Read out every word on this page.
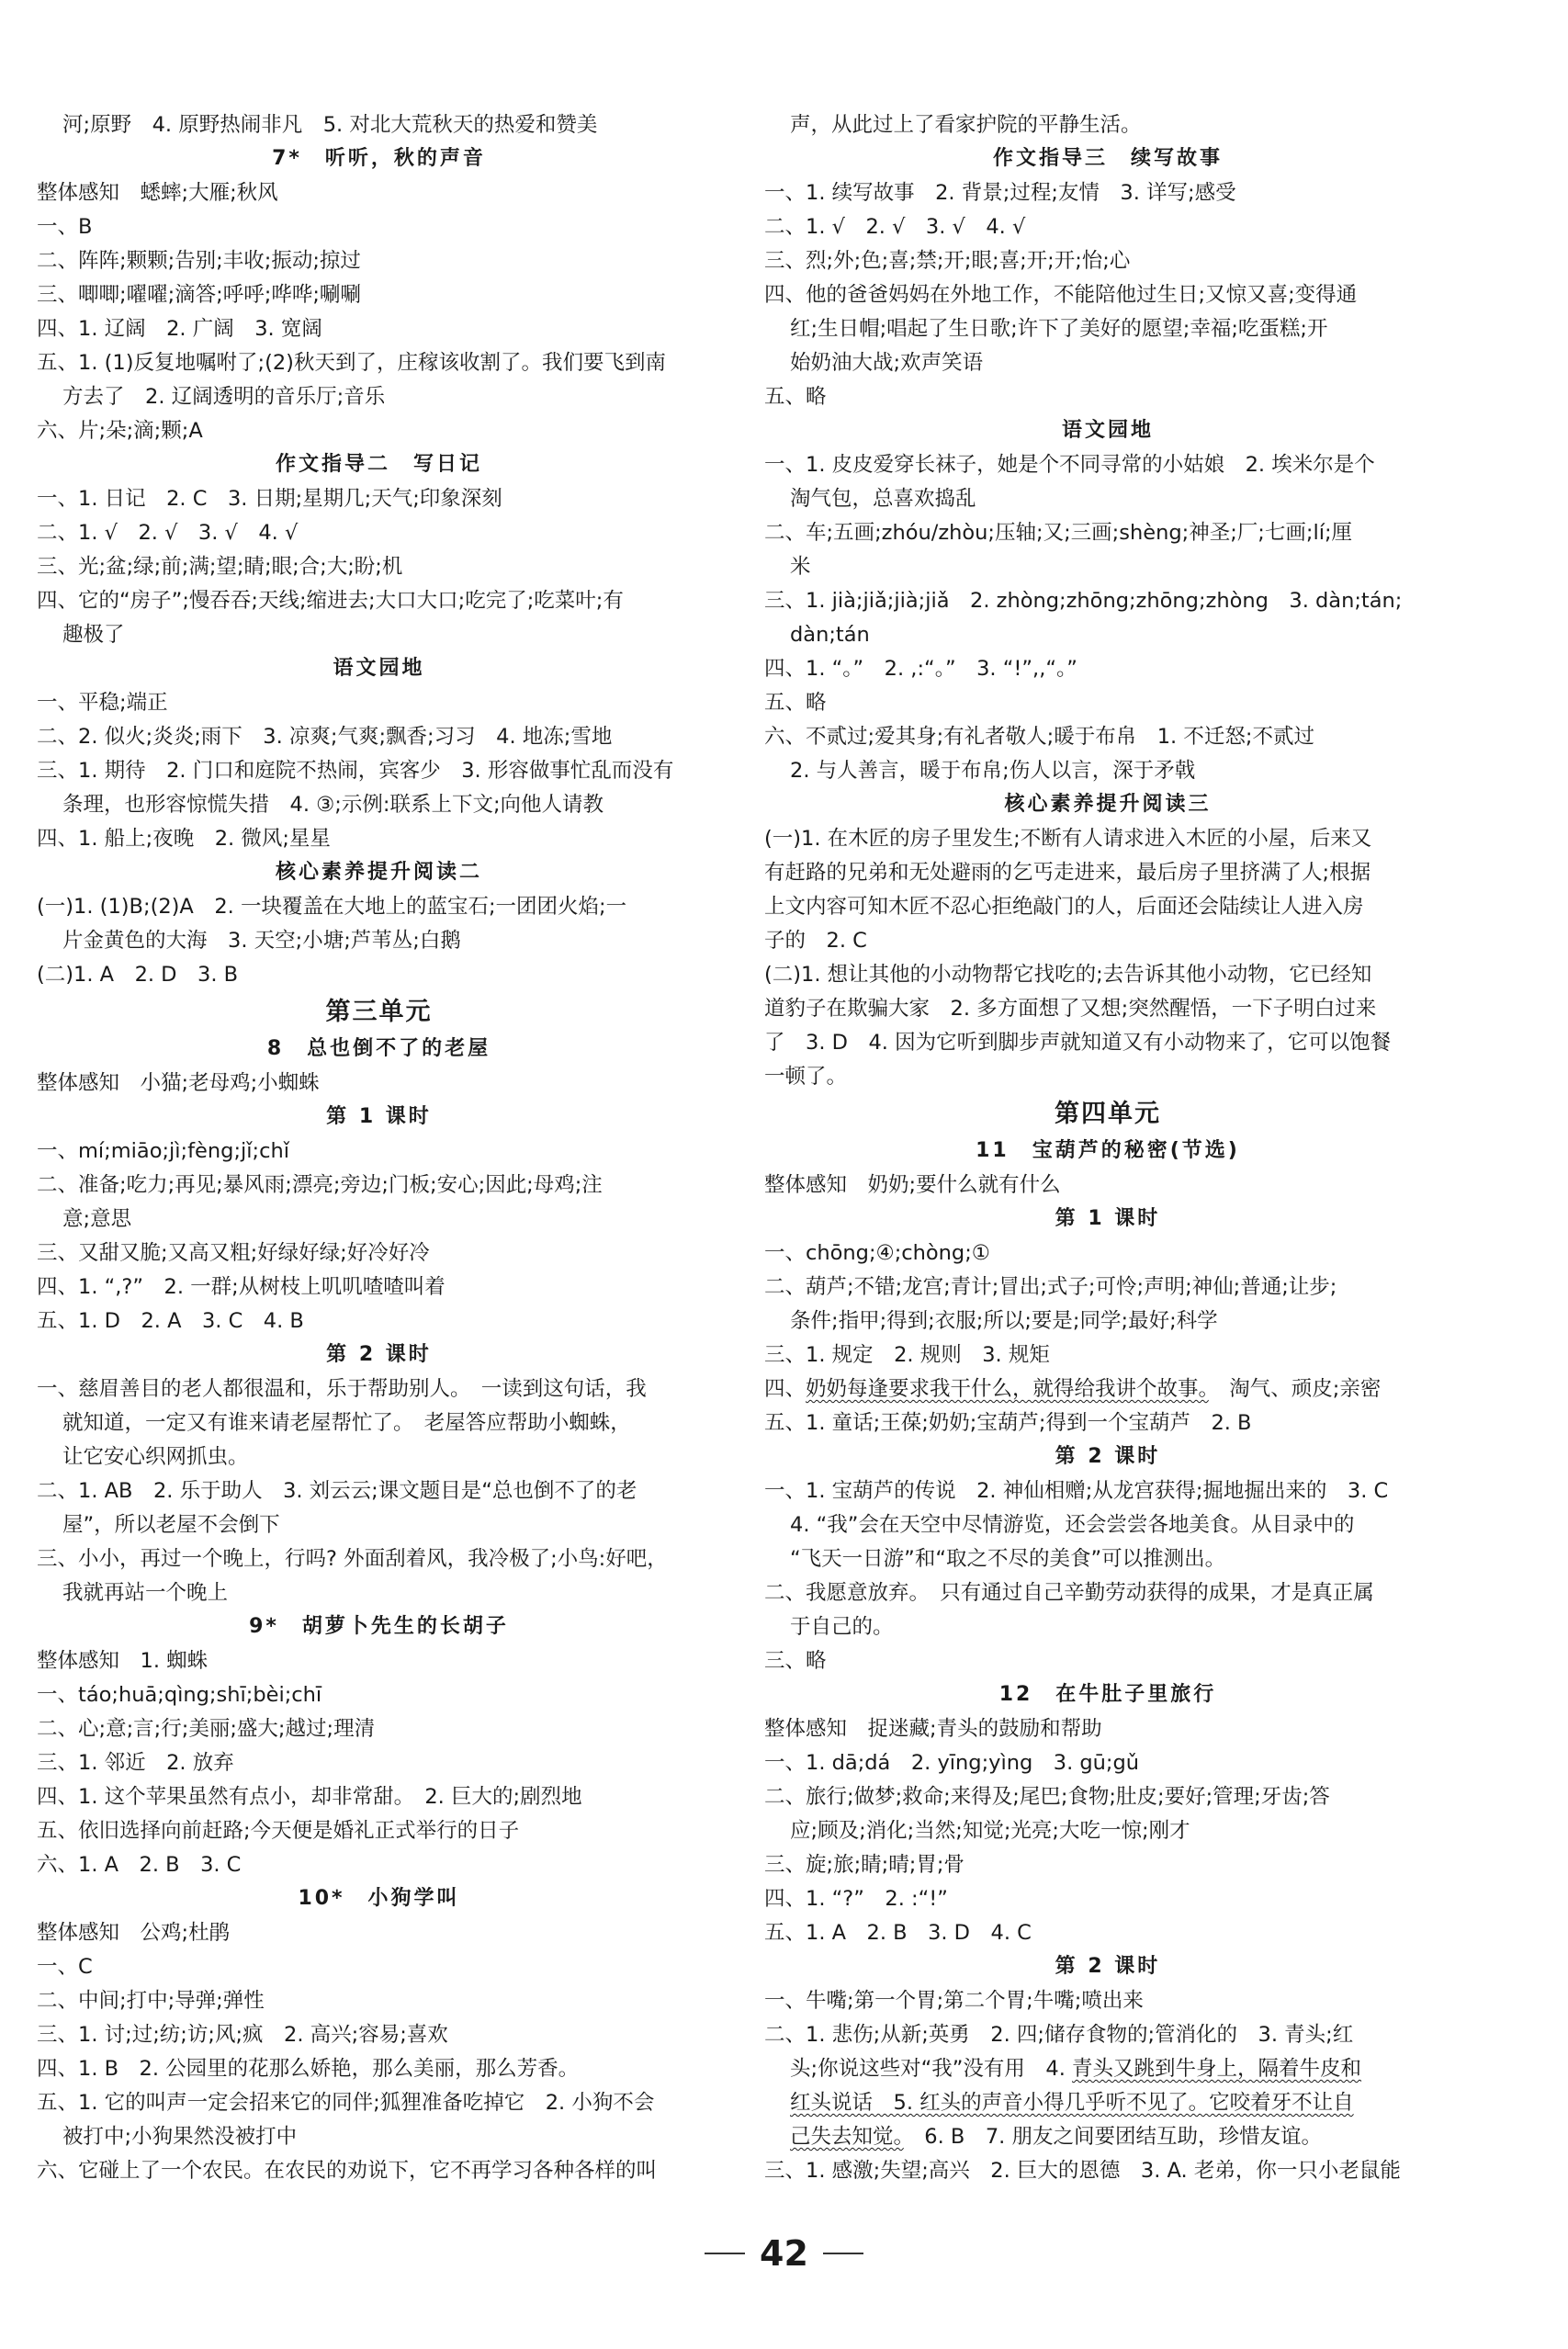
河;原野　4. 原野热闹非凡　5. 对北大荒秋天的热爱和赞美
7*　听听，秋的声音
整体感知　蟋蟀;大雁;秋风
一、B
二、阵阵;颗颗;告别;丰收;振动;掠过
三、唧唧;嚁嚁;滴答;呼呼;哗哗;唰唰
四、1. 辽阔　2. 广阔　3. 宽阔
五、1. (1)反复地嘱咐了;(2)秋天到了，庄稼该收割了。我们要飞到南
方去了　2. 辽阔透明的音乐厅;音乐
六、片;朵;滴;颗;A
作文指导二　写日记
一、1. 日记　2. C　3. 日期;星期几;天气;印象深刻
二、1. √　2. √　3. √　4. √
三、光;盆;绿;前;满;望;睛;眼;合;大;盼;机
四、它的“房子”;慢吞吞;天线;缩进去;大口大口;吃完了;吃菜叶;有
趣极了
语文园地
一、平稳;端正
二、2. 似火;炎炎;雨下　3. 凉爽;气爽;飘香;习习　4. 地冻;雪地
三、1. 期待　2. 门口和庭院不热闹，宾客少　3. 形容做事忙乱而没有
条理，也形容惊慌失措　4. ③;示例:联系上下文;向他人请教
四、1. 船上;夜晚　2. 微风;星星
核心素养提升阅读二
(一)1. (1)B;(2)A　2. 一块覆盖在大地上的蓝宝石;一团团火焰;一
片金黄色的大海　3. 天空;小塘;芦苇丛;白鹅
(二)1. A　2. D　3. B
第三单元
8　总也倒不了的老屋
整体感知　小猫;老母鸡;小蜘蛛
第 1 课时
一、mí;miāo;jì;fèng;jǐ;chǐ
二、准备;吃力;再见;暴风雨;漂亮;旁边;门板;安心;因此;母鸡;注
意;意思
三、又甜又脆;又高又粗;好绿好绿;好冷好冷
四、1. “,?”　2. 一群;从树枝上叽叽喳喳叫着
五、1. D　2. A　3. C　4. B
第 2 课时
一、慈眉善目的老人都很温和，乐于帮助别人。　一读到这句话，我
就知道，一定又有谁来请老屋帮忙了。　老屋答应帮助小蜘蛛，
让它安心织网抓虫。
二、1. AB　2. 乐于助人　3. 刘云云;课文题目是“总也倒不了的老
屋”，所以老屋不会倒下
三、小小，再过一个晚上，行吗? 外面刮着风，我冷极了;小鸟:好吧，
我就再站一个晚上
9*　胡萝卜先生的长胡子
整体感知　1. 蜘蛛
一、táo;huā;qìng;shī;bèi;chī
二、心;意;言;行;美丽;盛大;越过;理清
三、1. 邻近　2. 放弃
四、1. 这个苹果虽然有点小，却非常甜。　2. 巨大的;剧烈地
五、依旧选择向前赶路;今天便是婚礼正式举行的日子
六、1. A　2. B　3. C
10*　小狗学叫
整体感知　公鸡;杜鹃
一、C
二、中间;打中;导弹;弹性
三、1. 讨;过;纺;访;风;疯　2. 高兴;容易;喜欢
四、1. B　2. 公园里的花那么娇艳，那么美丽，那么芳香。
五、1. 它的叫声一定会招来它的同伴;狐狸准备吃掉它　2. 小狗不会
被打中;小狗果然没被打中
六、它碰上了一个农民。在农民的劝说下，它不再学习各种各样的叫
声，从此过上了看家护院的平静生活。
作文指导三　续写故事
一、1. 续写故事　2. 背景;过程;友情　3. 详写;感受
二、1. √　2. √　3. √　4. √
三、烈;外;色;喜;禁;开;眼;喜;开;开;怡;心
四、他的爸爸妈妈在外地工作，不能陪他过生日;又惊又喜;变得通
红;生日帽;唱起了生日歌;许下了美好的愿望;幸福;吃蛋糕;开
始奶油大战;欢声笑语
五、略
语文园地
一、1. 皮皮爱穿长袜子，她是个不同寻常的小姑娘　2. 埃米尔是个
淘气包，总喜欢捣乱
二、车;五画;zhóu/zhòu;压轴;又;三画;shèng;神圣;厂;七画;lí;厘
米
三、1. jià;jiǎ;jià;jiǎ　2. zhòng;zhōng;zhōng;zhòng　3. dàn;tán;
dàn;tán
四、1. “。”　2. ,:“。”　3. “!”,,“。”
五、略
六、不贰过;爱其身;有礼者敬人;暖于布帛　1. 不迁怒;不贰过
2. 与人善言，暖于布帛;伤人以言，深于矛戟
核心素养提升阅读三
(一)1. 在木匠的房子里发生;不断有人请求进入木匠的小屋，后来又
有赶路的兄弟和无处避雨的乞丐走进来，最后房子里挤满了人;根据
上文内容可知木匠不忍心拒绝敲门的人，后面还会陆续让人进入房
子的　2. C
(二)1. 想让其他的小动物帮它找吃的;去告诉其他小动物，它已经知
道豹子在欺骗大家　2. 多方面想了又想;突然醒悟，一下子明白过来
了　3. D　4. 因为它听到脚步声就知道又有小动物来了，它可以饱餐
一顿了。
第四单元
11　宝葫芦的秘密(节选)
整体感知　奶奶;要什么就有什么
第 1 课时
一、chōng;④;chòng;①
二、葫芦;不错;龙宫;青计;冒出;式子;可怜;声明;神仙;普通;让步;
条件;指甲;得到;衣服;所以;要是;同学;最好;科学
三、1. 规定　2. 规则　3. 规矩
四、奶奶每逢要求我干什么，就得给我讲个故事。　淘气、顽皮;亲密
五、1. 童话;王葆;奶奶;宝葫芦;得到一个宝葫芦　2. B
第 2 课时
一、1. 宝葫芦的传说　2. 神仙相赠;从龙宫获得;掘地掘出来的　3. C
4. “我”会在天空中尽情游览，还会尝尝各地美食。从目录中的
“飞天一日游”和“取之不尽的美食”可以推测出。
二、我愿意放弃。　只有通过自己辛勤劳动获得的成果，才是真正属
于自己的。
三、略
12　在牛肚子里旅行
整体感知　捉迷藏;青头的鼓励和帮助
一、1. dā;dá　2. yīng;yìng　3. gū;gǔ
二、旅行;做梦;救命;来得及;尾巴;食物;肚皮;要好;管理;牙齿;答
应;顾及;消化;当然;知觉;光亮;大吃一惊;刚才
三、旋;旅;睛;晴;胃;骨
四、1. “?”　2. :“!”
五、1. A　2. B　3. D　4. C
第 2 课时
一、牛嘴;第一个胃;第二个胃;牛嘴;喷出来
二、1. 悲伤;从新;英勇　2. 四;储存食物的;管消化的　3. 青头;红
头;你说这些对“我”没有用　4. 青头又跳到牛身上，隔着牛皮和
红头说话　5. 红头的声音小得几乎听不见了。它咬着牙不让自
己失去知觉。　6. B　7. 朋友之间要团结互助，珍惜友谊。
三、1. 感激;失望;高兴　2. 巨大的恩德　3. A. 老弟，你一只小老鼠能
42
